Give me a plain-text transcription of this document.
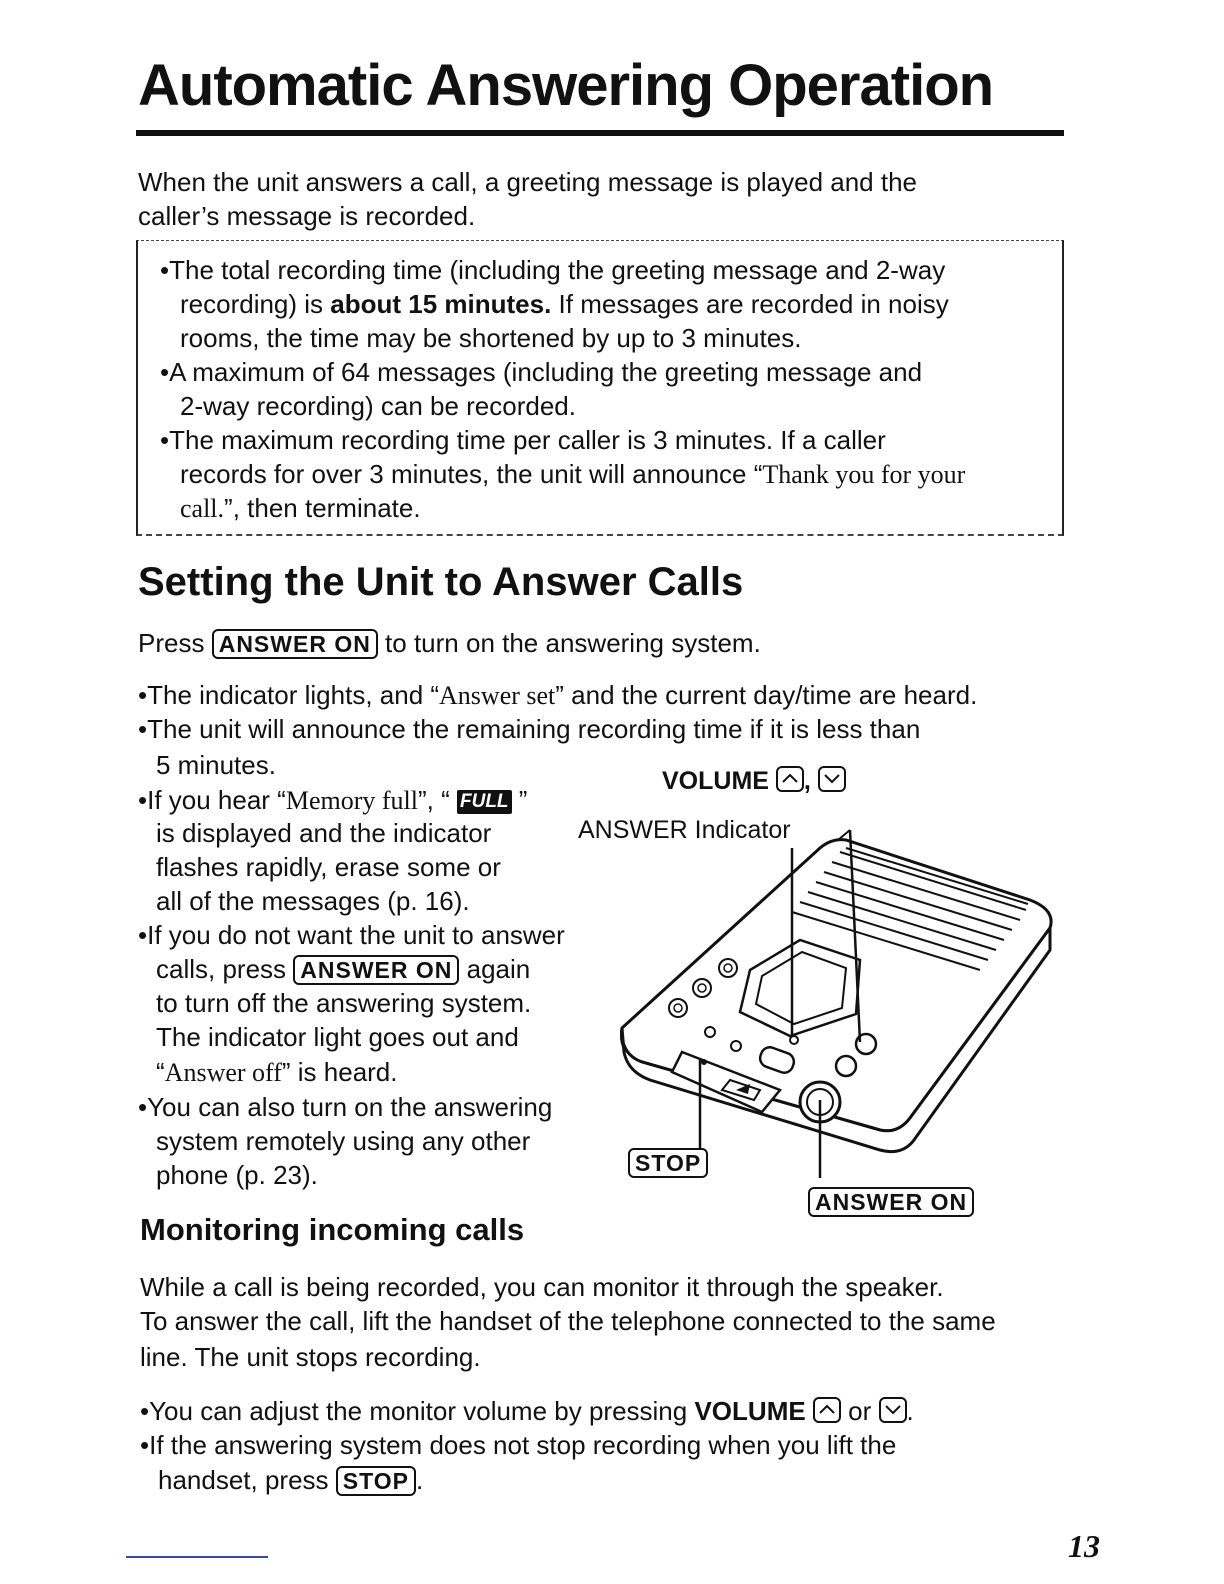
Automatic Answering Operation
When the unit answers a call, a greeting message is played and the
caller’s message is recorded.
•The total recording time (including the greeting message and 2-way
recording) is about 15 minutes. If messages are recorded in noisy
rooms, the time may be shortened by up to 3 minutes.
•A maximum of 64 messages (including the greeting message and
2-way recording) can be recorded.
•The maximum recording time per caller is 3 minutes. If a caller
records for over 3 minutes, the unit will announce “Thank you for your
call.”, then terminate.
Setting the Unit to Answer Calls
Press ANSWER ON to turn on the answering system.
•The indicator lights, and “Answer set” and the current day/time are heard.
•The unit will announce the remaining recording time if it is less than
5 minutes.
•If you hear “Memory full”, “ FULL ”
is displayed and the indicator
flashes rapidly, erase some or
all of the messages (p. 16).
•If you do not want the unit to answer
calls, press ANSWER ON again
to turn off the answering system.
The indicator light goes out and
“Answer off” is heard.
•You can also turn on the answering
system remotely using any other
phone (p. 23).
VOLUME ,
ANSWER Indicator
STOP
ANSWER ON
Monitoring incoming calls
While a call is being recorded, you can monitor it through the speaker.
To answer the call, lift the handset of the telephone connected to the same
line. The unit stops recording.
•You can adjust the monitor volume by pressing VOLUME
or
.
•If the answering system does not stop recording when you lift the
handset, press STOP .
13
